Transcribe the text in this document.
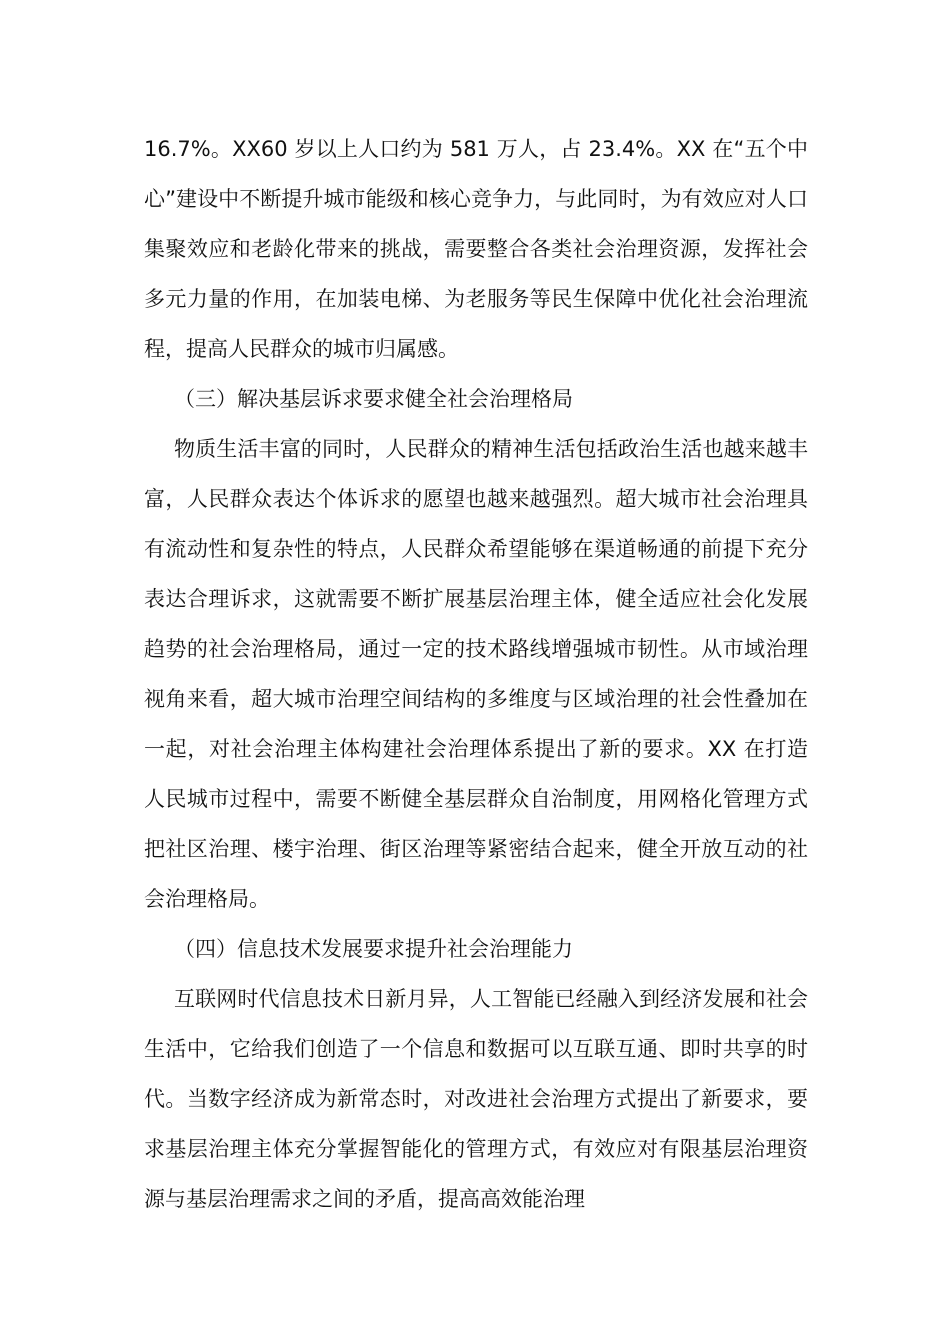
16.7%。XX60 岁以上人口约为 581 万人，占 23.4%。XX 在“五个中心”建设中不断提升城市能级和核心竞争力，与此同时，为有效应对人口集聚效应和老龄化带来的挑战，需要整合各类社会治理资源，发挥社会多元力量的作用，在加装电梯、为老服务等民生保障中优化社会治理流程，提高人民群众的城市归属感。

（三）解决基层诉求要求健全社会治理格局

物质生活丰富的同时，人民群众的精神生活包括政治生活也越来越丰富，人民群众表达个体诉求的愿望也越来越强烈。超大城市社会治理具有流动性和复杂性的特点，人民群众希望能够在渠道畅通的前提下充分表达合理诉求，这就需要不断扩展基层治理主体，健全适应社会化发展趋势的社会治理格局，通过一定的技术路线增强城市韧性。从市域治理视角来看，超大城市治理空间结构的多维度与区域治理的社会性叠加在一起，对社会治理主体构建社会治理体系提出了新的要求。XX 在打造人民城市过程中，需要不断健全基层群众自治制度，用网格化管理方式把社区治理、楼宇治理、街区治理等紧密结合起来，健全开放互动的社会治理格局。

（四）信息技术发展要求提升社会治理能力

互联网时代信息技术日新月异，人工智能已经融入到经济发展和社会生活中，它给我们创造了一个信息和数据可以互联互通、即时共享的时代。当数字经济成为新常态时，对改进社会治理方式提出了新要求，要求基层治理主体充分掌握智能化的管理方式，有效应对有限基层治理资源与基层治理需求之间的矛盾，提高高效能治理
